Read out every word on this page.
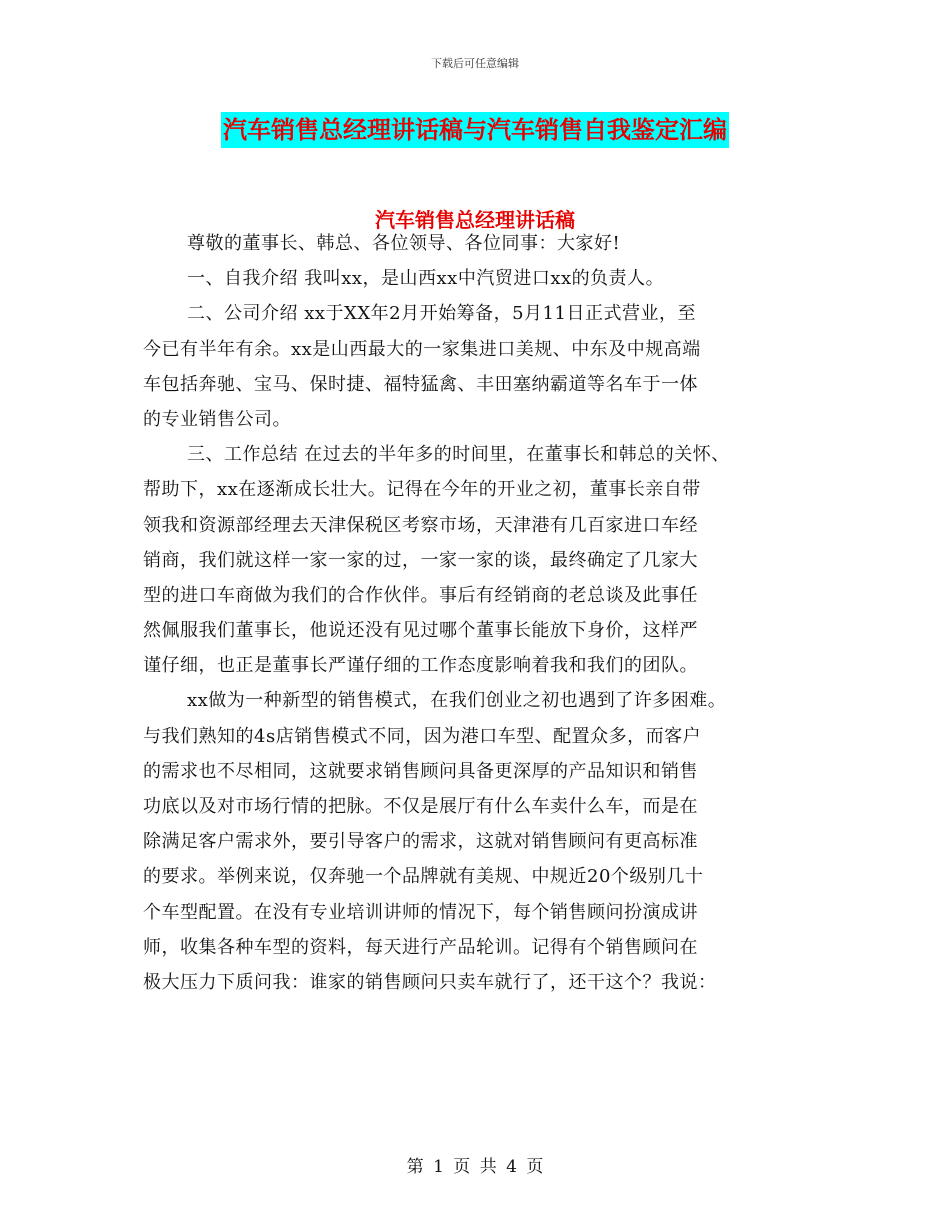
下载后可任意编辑
汽车销售总经理讲话稿与汽车销售自我鉴定汇编
汽车销售总经理讲话稿
尊敬的董事长、韩总、各位领导、各位同事：大家好!
一、自我介绍 我叫xx，是山西xx中汽贸进口xx的负责人。
二、公司介绍 xx于XX年2月开始筹备，5月11日正式营业，至
今已有半年有余。xx是山西最大的一家集进口美规、中东及中规高端
车包括奔驰、宝马、保时捷、福特猛禽、丰田塞纳霸道等名车于一体
的专业销售公司。
三、工作总结 在过去的半年多的时间里，在董事长和韩总的关怀、
帮助下，xx在逐渐成长壮大。记得在今年的开业之初，董事长亲自带
领我和资源部经理去天津保税区考察市场，天津港有几百家进口车经
销商，我们就这样一家一家的过，一家一家的谈，最终确定了几家大
型的进口车商做为我们的合作伙伴。事后有经销商的老总谈及此事任
然佩服我们董事长，他说还没有见过哪个董事长能放下身价，这样严
谨仔细，也正是董事长严谨仔细的工作态度影响着我和我们的团队。
xx做为一种新型的销售模式，在我们创业之初也遇到了许多困难。
与我们熟知的4s店销售模式不同，因为港口车型、配置众多，而客户
的需求也不尽相同，这就要求销售顾问具备更深厚的产品知识和销售
功底以及对市场行情的把脉。不仅是展厅有什么车卖什么车，而是在
除满足客户需求外，要引导客户的需求，这就对销售顾问有更高标准
的要求。举例来说，仅奔驰一个品牌就有美规、中规近20个级别几十
个车型配置。在没有专业培训讲师的情况下，每个销售顾问扮演成讲
师，收集各种车型的资料，每天进行产品轮训。记得有个销售顾问在
极大压力下质问我：谁家的销售顾问只卖车就行了，还干这个？我说：
第 1 页 共 4 页
